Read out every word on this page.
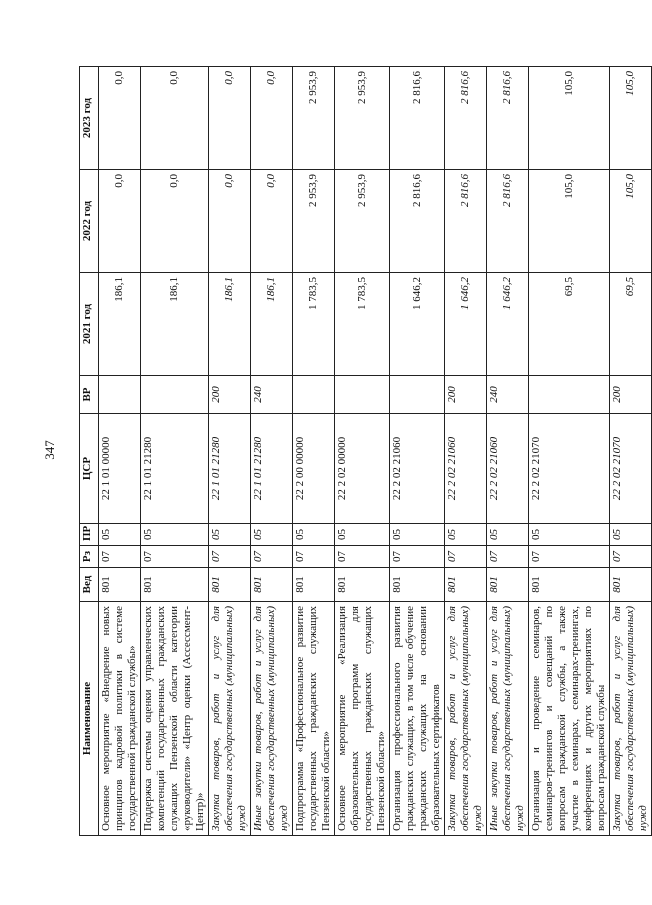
347
Наименование	Вед	Рз	ПР	ЦСР	ВР	2021 год	2022 год	2023 год
Основное мероприятие «Внедрение новых принципов кадровой политики в системе государственной гражданской службы»	801	07	05	22 1 01 00000		186,1	0,0	0,0
Поддержка системы оценки управленческих компетенций государственных гражданских служащих Пензенской области категории «руководители» «Центр оценки (Ассессмент-Центр)»	801	07	05	22 1 01 21280		186,1	0,0	0,0
Закупка товаров, работ и услуг для обеспечения государственных (муниципальных) нужд	801	07	05	22 1 01 21280	200	186,1	0,0	0,0
Иные закупки товаров, работ и услуг для обеспечения государственных (муниципальных) нужд	801	07	05	22 1 01 21280	240	186,1	0,0	0,0
Подпрограмма «Профессиональное развитие государственных гражданских служащих Пензенской области»	801	07	05	22 2 00 00000		1 783,5	2 953,9	2 953,9
Основное мероприятие «Реализация образовательных программ для государственных гражданских служащих Пензенской области»	801	07	05	22 2 02 00000		1 783,5	2 953,9	2 953,9
Организация профессионального развития гражданских служащих, в том числе обучение гражданских служащих на основании образовательных сертификатов	801	07	05	22 2 02 21060		1 646,2	2 816,6	2 816,6
Закупка товаров, работ и услуг для обеспечения государственных (муниципальных) нужд	801	07	05	22 2 02 21060	200	1 646,2	2 816,6	2 816,6
Иные закупки товаров, работ и услуг для обеспечения государственных (муниципальных) нужд	801	07	05	22 2 02 21060	240	1 646,2	2 816,6	2 816,6
Организация и проведение семинаров, семинаров-тренингов и совещаний по вопросам гражданской службы, а также участие в семинарах, семинарах-тренингах, конференциях и других мероприятиях по вопросам гражданской службы	801	07	05	22 2 02 21070		69,5	105,0	105,0
Закупка товаров, работ и услуг для обеспечения государственных (муниципальных) нужд	801	07	05	22 2 02 21070	200	69,5	105,0	105,0
